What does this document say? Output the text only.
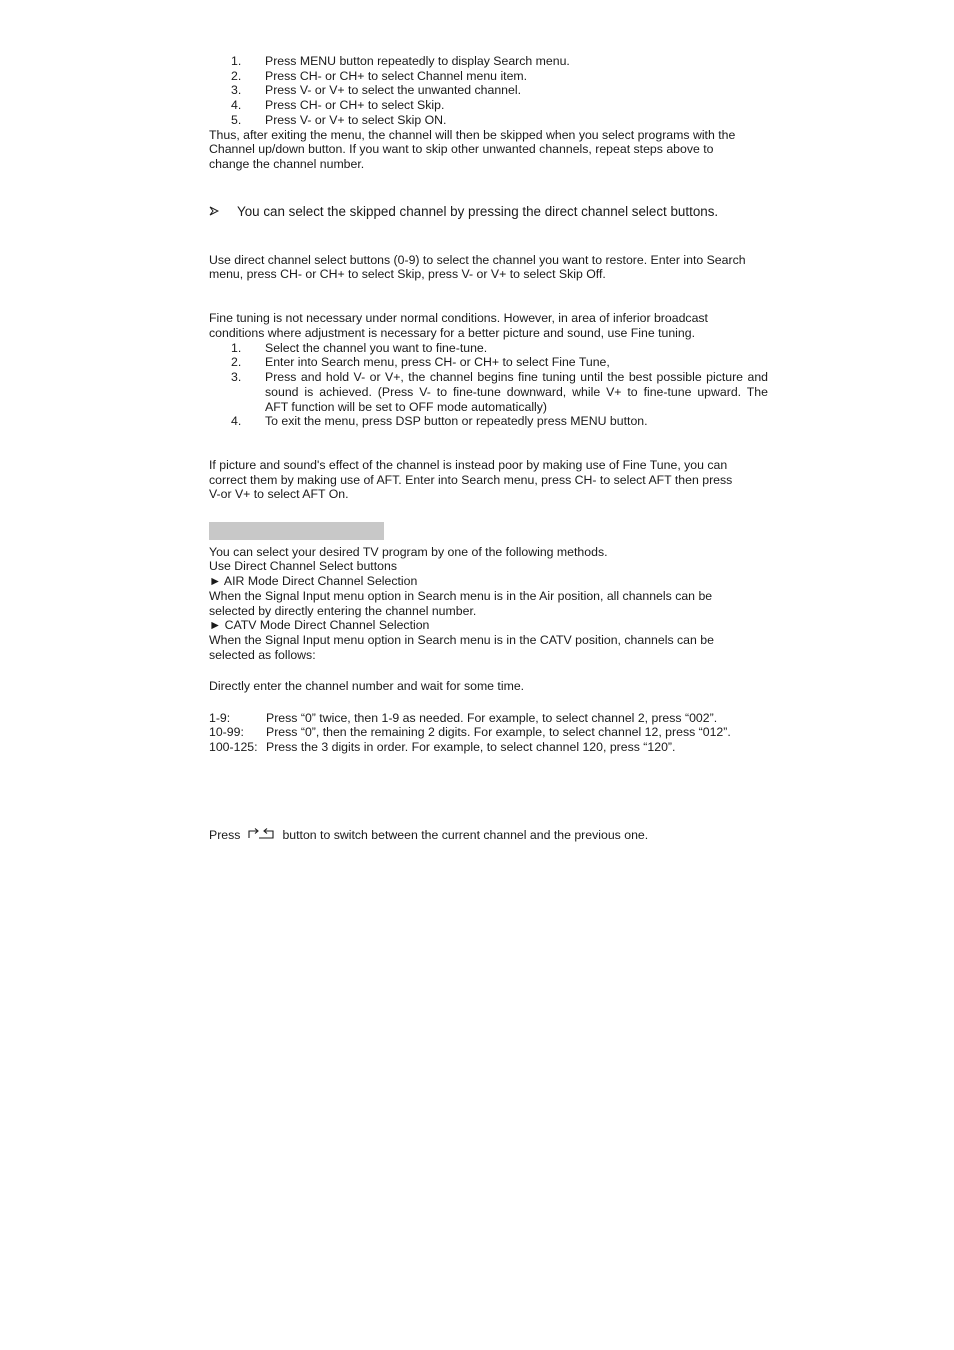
1.	Press MENU button repeatedly to display Search menu.
2.	Press CH- or CH+ to select Channel menu item.
3.	Press V- or V+ to select the unwanted channel.
4.	Press CH- or CH+ to select Skip.
5.	Press V- or V+ to select Skip ON.
Thus, after exiting the menu, the channel will then be skipped when you select programs with the
Channel up/down button. If you want to skip other unwanted channels, repeat steps above to
change the channel number.
You can select the skipped channel by pressing the direct channel select buttons.
Use direct channel select buttons (0-9) to select the channel you want to restore. Enter into Search
menu, press CH- or CH+ to select Skip, press V- or V+ to select Skip Off.
Fine tuning is not necessary under normal conditions. However, in area of inferior broadcast
conditions where adjustment is necessary for a better picture and sound, use Fine tuning.
1.	Select the channel you want to fine-tune.
2.	Enter into Search menu, press CH- or CH+ to select Fine Tune,
3.	Press and hold V- or V+, the channel begins fine tuning until the best possible picture and
sound is achieved. (Press V- to fine-tune downward, while V+ to fine-tune upward. The
AFT function will be set to OFF mode automatically)
4.	To exit the menu, press DSP button or repeatedly press MENU button.
If picture and sound's effect of the channel is instead poor by making use of Fine Tune, you can
correct them by making use of AFT. Enter into Search menu, press CH- to select AFT then press
V-or V+ to select AFT On.
You can select your desired TV program by one of the following methods.
Use Direct Channel Select buttons
► AIR Mode Direct Channel Selection
When the Signal Input menu option in Search menu is in the Air position, all channels can be
selected by directly entering the channel number.
► CATV Mode Direct Channel Selection
When the Signal Input menu option in Search menu is in the CATV position, channels can be
selected as follows:
Directly enter the channel number and wait for some time.
1-9:	Press “0” twice, then 1-9 as needed. For example, to select channel 2, press “002”.
10-99: Press “0”, then the remaining 2 digits. For example, to select channel 12, press “012”.
100-125: Press the 3 digits in order. For example, to select channel 120, press “120”.
Press	button to switch between the current channel and the previous one.
